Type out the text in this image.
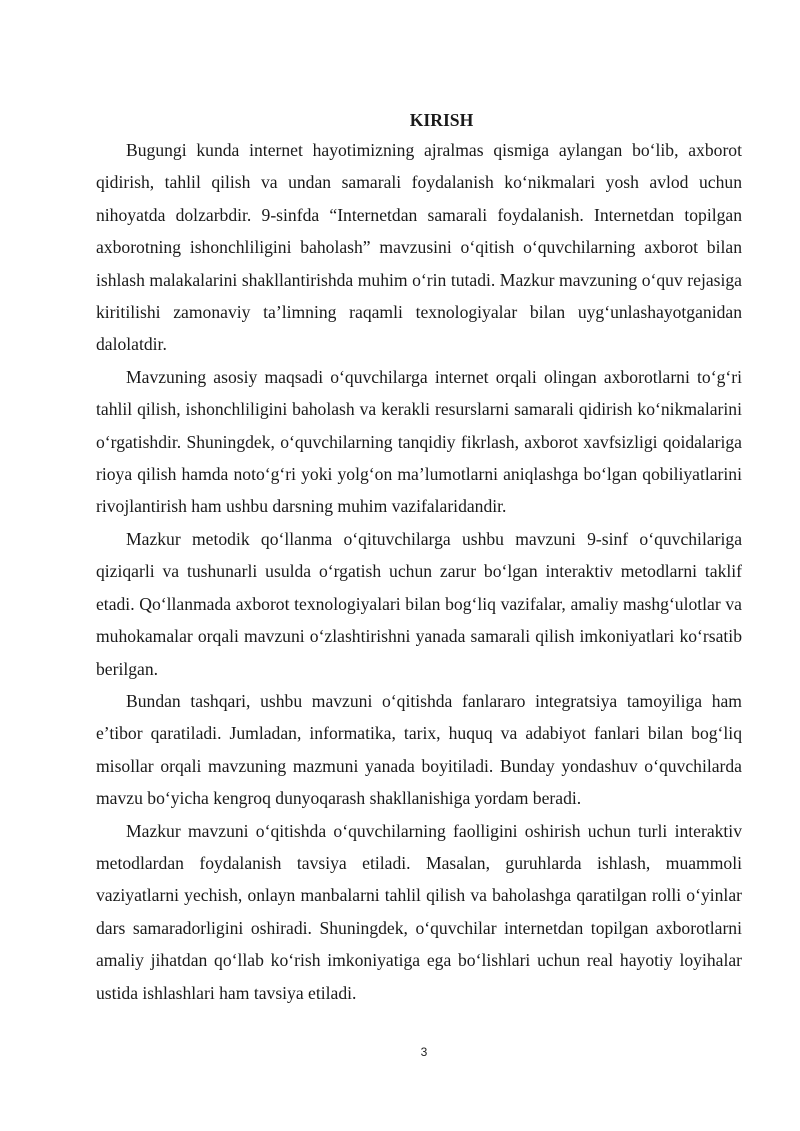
KIRISH

Bugungi kunda internet hayotimizning ajralmas qismiga aylangan bo‘lib, axborot qidirish, tahlil qilish va undan samarali foydalanish ko‘nikmalari yosh avlod uchun nihoyatda dolzarbdir. 9-sinfda “Internetdan samarali foydalanish. Internetdan topilgan axborotning ishonchliligini baholash” mavzusini o‘qitish o‘quvchilarning axborot bilan ishlash malakalarini shakllantirishda muhim o‘rin tutadi. Mazkur mavzuning o‘quv rejasiga kiritilishi zamonaviy ta’limning raqamli texnologiyalar bilan uyg‘unlashayotganidan dalolatdir.

Mavzuning asosiy maqsadi o‘quvchilarga internet orqali olingan axborotlarni to‘g‘ri tahlil qilish, ishonchliligini baholash va kerakli resurslarni samarali qidirish ko‘nikmalarini o‘rgatishdir. Shuningdek, o‘quvchilarning tanqidiy fikrlash, axborot xavfsizligi qoidalariga rioya qilish hamda noto‘g‘ri yoki yolg‘on ma’lumotlarni aniqlashga bo‘lgan qobiliyatlarini rivojlantirish ham ushbu darsning muhim vazifalaridandir.

Mazkur metodik qo‘llanma o‘qituvchilarga ushbu mavzuni 9-sinf o‘quvchilariga qiziqarli va tushunarli usulda o‘rgatish uchun zarur bo‘lgan interaktiv metodlarni taklif etadi. Qo‘llanmada axborot texnologiyalari bilan bog‘liq vazifalar, amaliy mashg‘ulotlar va muhokamalar orqali mavzuni o‘zlashtirishni yanada samarali qilish imkoniyatlari ko‘rsatib berilgan.

Bundan tashqari, ushbu mavzuni o‘qitishda fanlararo integratsiya tamoyiliga ham e’tibor qaratiladi. Jumladan, informatika, tarix, huquq va adabiyot fanlari bilan bog‘liq misollar orqali mavzuning mazmuni yanada boyitiladi. Bunday yondashuv o‘quvchilarda mavzu bo‘yicha kengroq dunyoqarash shakllanishiga yordam beradi.

Mazkur mavzuni o‘qitishda o‘quvchilarning faolligini oshirish uchun turli interaktiv metodlardan foydalanish tavsiya etiladi. Masalan, guruhlarda ishlash, muammoli vaziyatlarni yechish, onlayn manbalarni tahlil qilish va baholashga qaratilgan rolli o‘yinlar dars samaradorligini oshiradi. Shuningdek, o‘quvchilar internetdan topilgan axborotlarni amaliy jihatdan qo‘llab ko‘rish imkoniyatiga ega bo‘lishlari uchun real hayotiy loyihalar ustida ishlashlari ham tavsiya etiladi.

3
